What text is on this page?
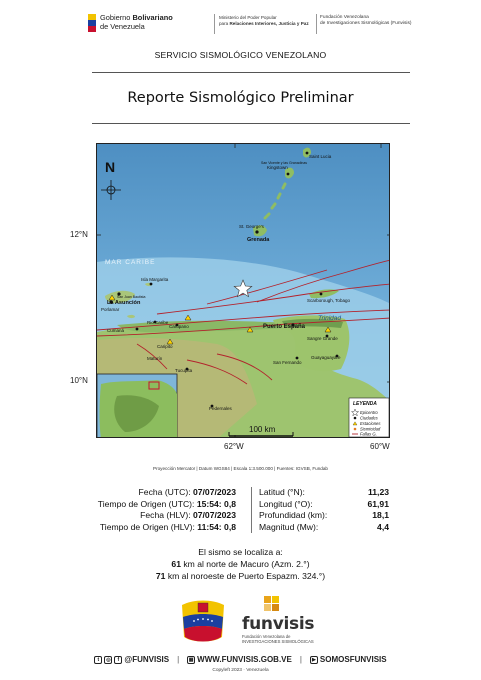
Gobierno Bolivariano
de Venezuela
Ministerio del Poder Popular
para Relaciones Interiores, Justicia y Paz
Fundación Venezolana
de Investigaciones Sismológicas (Funvisis)
SERVICIO SISMOLÓGICO VENEZOLANO
Reporte Sismológico Preliminar
Isla Margarita
La Asunción
Porlamar
San Juan Bautista
Rio Caribe
Carúpano
Cumaná
Caripito
Maturín
Tucupita
Pedernales
Puerto España
Trinidad
Sangre Grande
San Fernando
Guayaguayare
Scarborough, Tobago
Grenada
St. George's
Kingstown
San Vicente y las Granadinas
Saint Lucia
MAR CARIBE
N
100 km
LEYENDA
Epicentro
Ciudades
Estaciones
Sismicidad
Fallas G.
12°N
10°N
62°W	60°W
Proyección Mercator | Datum WGS84 | Escala 1:3.500.000 | Fuentes: IGVSB, Fundab
Fecha (UTC): 07/07/2023
Tiempo de Origen (UTC): 15:54: 0,8
Fecha (HLV): 07/07/2023
Tiempo de Origen (HLV): 11:54: 0,8
Latitud (°N):	11,23
Longitud (°O):	61,91
Profundidad (km):	18,1
Magnitud (Mw):	4,4
El sismo se localiza a:
61 km al norte de Macuro (Azm. 2.°)
71 km al noroeste de Puerto Espazm. 324.°)
funvisis
Fundación Venezolana de
INVESTIGACIONES SISMOLÓGICAS
t	◎	f @FUNVISIS |	▦ WWW.FUNVISIS.GOB.VE |	▶ SOMOSFUNVISIS
Copyleft 2023 · Venezuela
